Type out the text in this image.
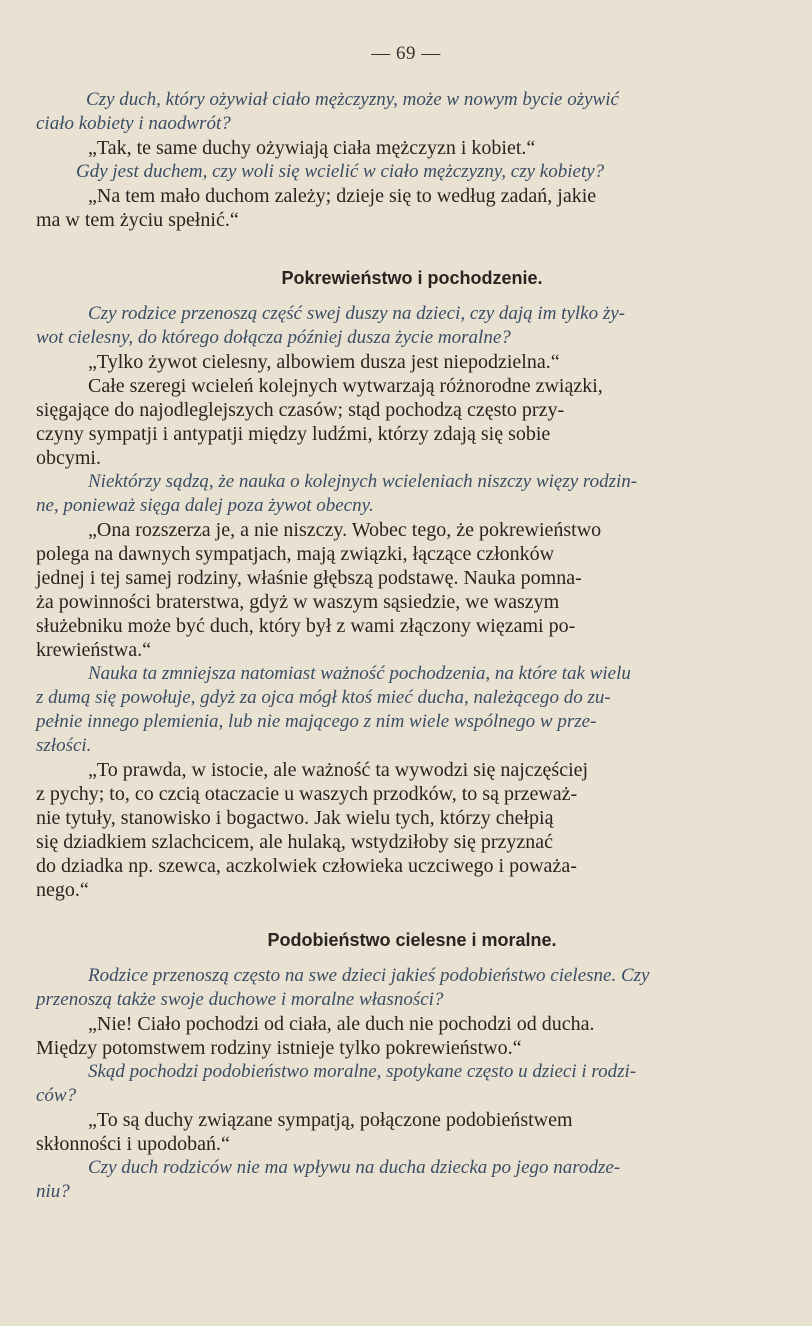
— 69 —
Czy duch, który ożywiał ciało mężczyzny, może w nowym bycie ożywić
ciało kobiety i naodwrót?
„Tak, te same duchy ożywiają ciała mężczyzn i kobiet.“
Gdy jest duchem, czy woli się wcielić w ciało mężczyzny, czy kobiety?
„Na tem mało duchom zależy; dzieje się to według zadań, jakie
ma w tem życiu spełnić.“
Pokrewieństwo i pochodzenie.
Czy rodzice przenoszą część swej duszy na dzieci, czy dają im tylko ży-
wot cielesny, do którego dołącza później dusza życie moralne?
„Tylko żywot cielesny, albowiem dusza jest niepodzielna.“
Całe szeregi wcieleń kolejnych wytwarzają różnorodne związki,
sięgające do najodleglejszych czasów; stąd pochodzą często przy-
czyny sympatji i antypatji między ludźmi, którzy zdają się sobie
obcymi.
Niektórzy sądzą, że nauka o kolejnych wcieleniach niszczy więzy rodzin-
ne, ponieważ sięga dalej poza żywot obecny.
„Ona rozszerza je, a nie niszczy. Wobec tego, że pokrewieństwo
polega na dawnych sympatjach, mają związki, łączące członków
jednej i tej samej rodziny, właśnie głębszą podstawę. Nauka pomna-
ża powinności braterstwa, gdyż w waszym sąsiedzie, we waszym
służebniku może być duch, który był z wami złączony więzami po-
krewieństwa.“
Nauka ta zmniejsza natomiast ważność pochodzenia, na które tak wielu
z dumą się powołuje, gdyż za ojca mógł ktoś mieć ducha, należącego do zu-
pełnie innego plemienia, lub nie mającego z nim wiele wspólnego w prze-
szłości.
„To prawda, w istocie, ale ważność ta wywodzi się najczęściej
z pychy; to, co czcią otaczacie u waszych przodków, to są przeważ-
nie tytuły, stanowisko i bogactwo. Jak wielu tych, którzy chełpią
się dziadkiem szlachcicem, ale hulaką, wstydziłoby się przyznać
do dziadka np. szewca, aczkolwiek człowieka uczciwego i poważa-
nego.“
Podobieństwo cielesne i moralne.
Rodzice przenoszą często na swe dzieci jakieś podobieństwo cielesne. Czy
przenoszą także swoje duchowe i moralne własności?
„Nie! Ciało pochodzi od ciała, ale duch nie pochodzi od ducha.
Między potomstwem rodziny istnieje tylko pokrewieństwo.“
Skąd pochodzi podobieństwo moralne, spotykane często u dzieci i rodzi-
ców?
„To są duchy związane sympatją, połączone podobieństwem
skłonności i upodobań.“
Czy duch rodziców nie ma wpływu na ducha dziecka po jego narodze-
niu?
